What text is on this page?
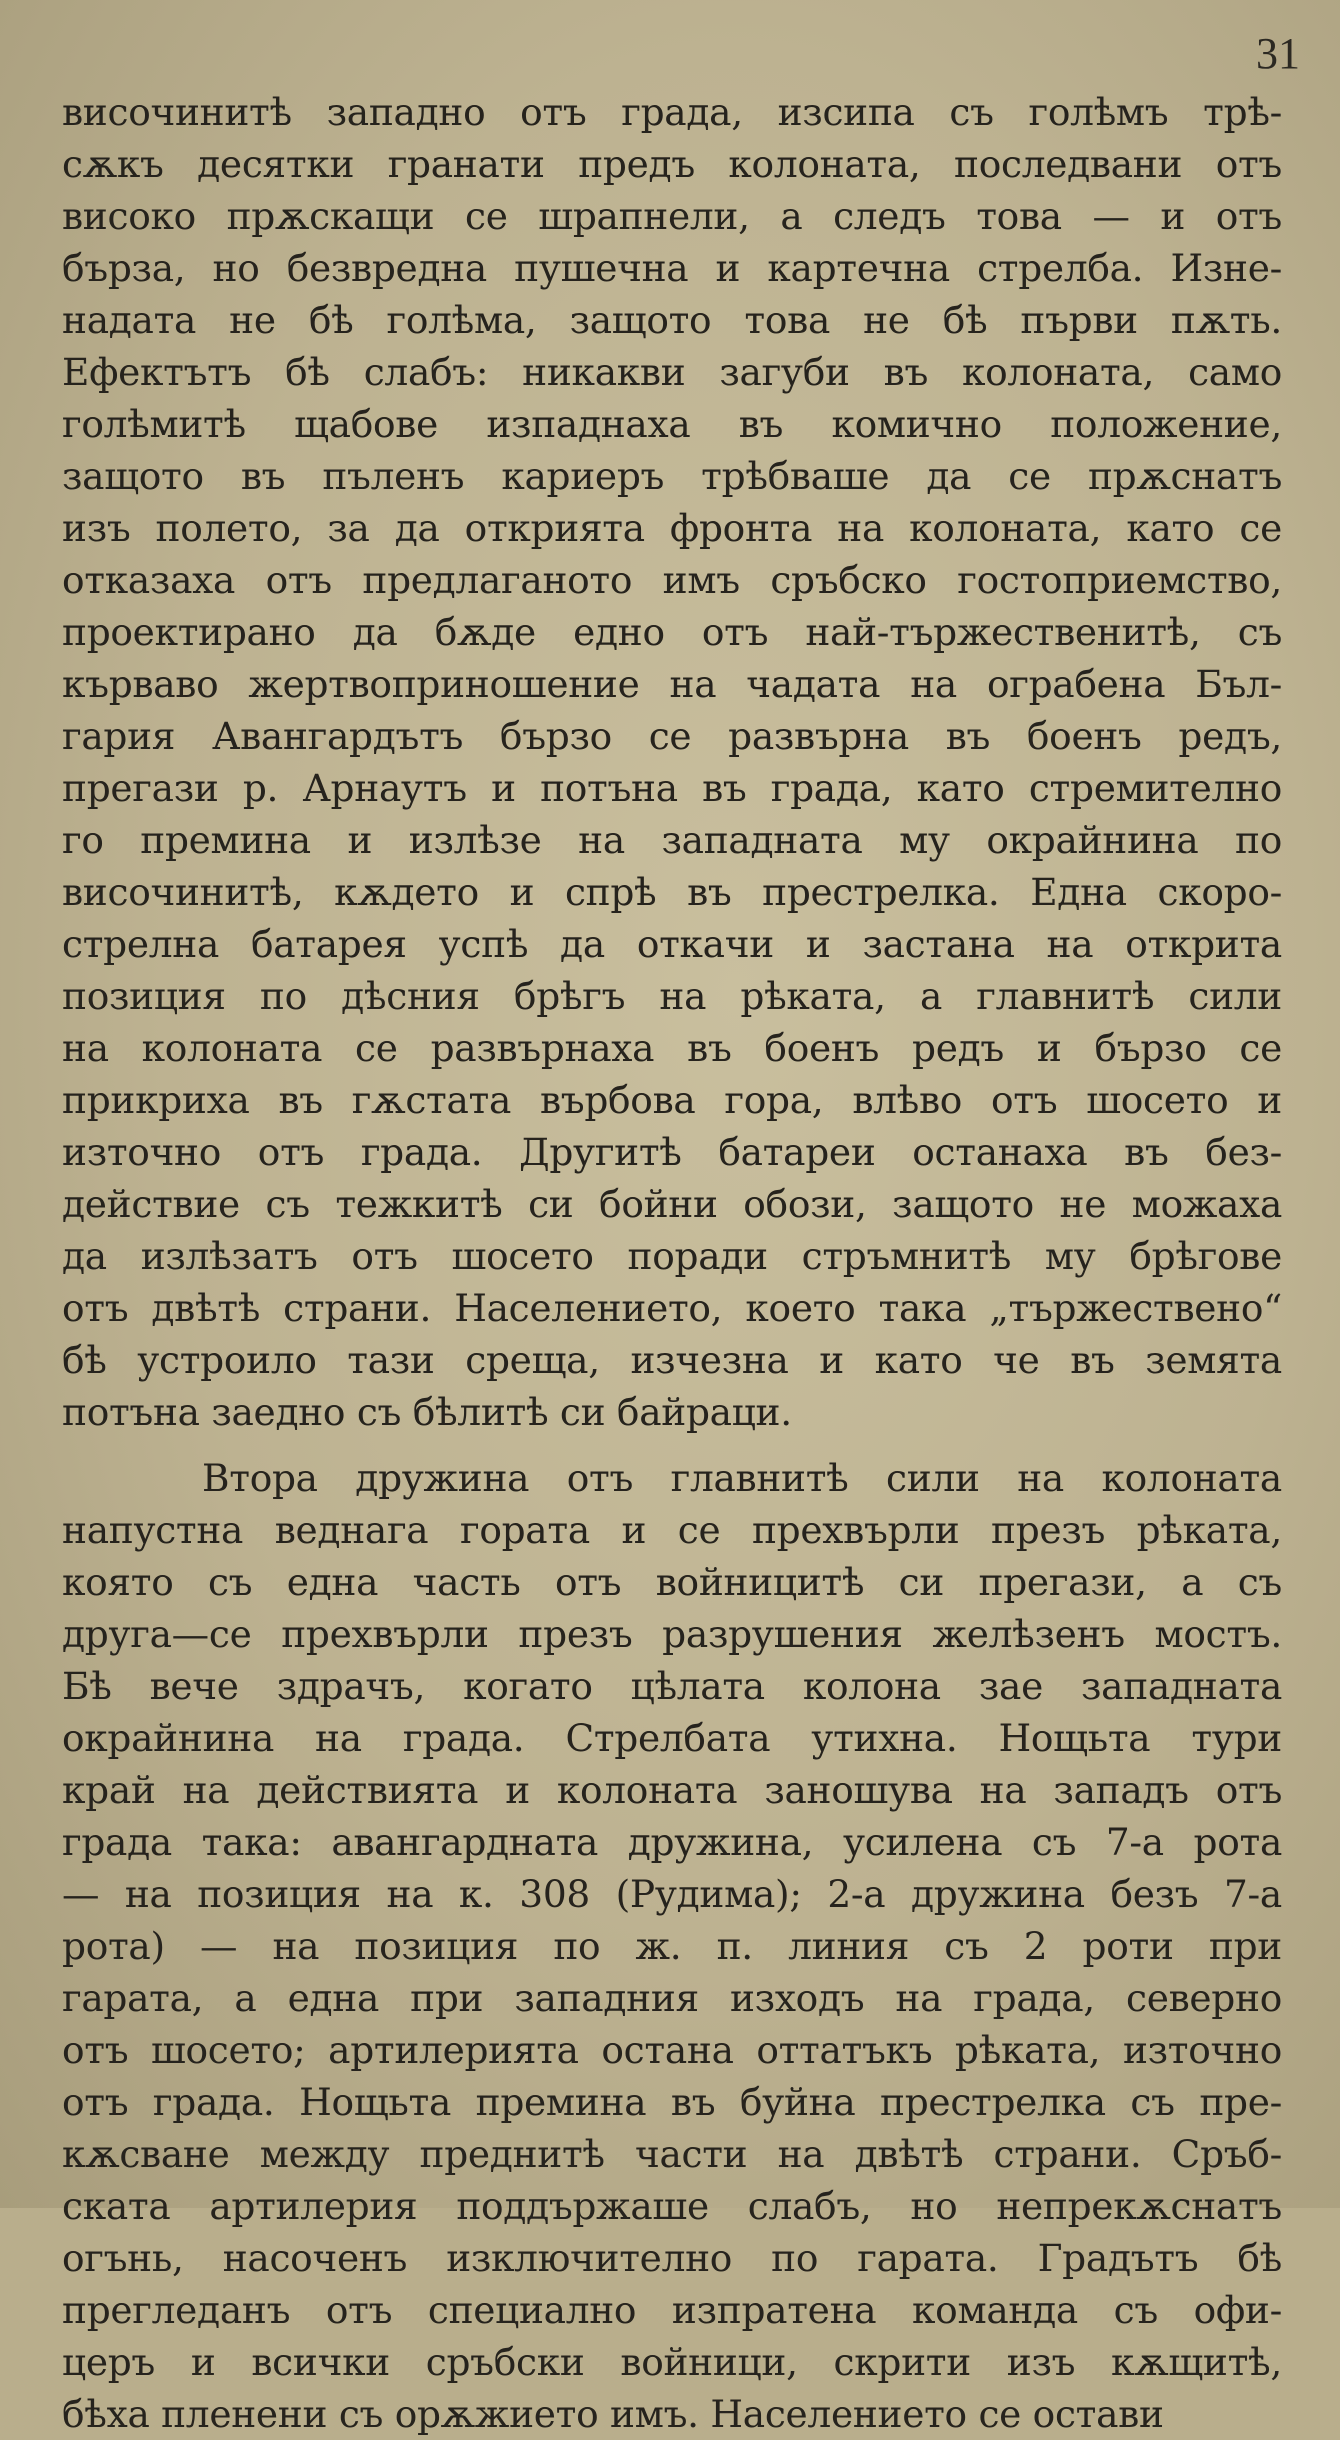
31
височинитѣ западно отъ града, изсипа съ голѣмъ трѣ-
сѫкъ десятки гранати предъ колоната, последвани отъ
високо прѫскащи се шрапнели, а следъ това — и отъ
бърза, но безвредна пушечна и картечна стрелба. Изне-
надата не бѣ голѣма, защото това не бѣ първи пѫть.
Ефектътъ бѣ слабъ: никакви загуби въ колоната, само
голѣмитѣ щабове изпаднаха въ комично положение,
защото въ пъленъ кариеръ трѣбваше да се прѫснатъ
изъ полето, за да открията фронта на колоната, като се
отказаха отъ предлаганото имъ сръбско гостоприемство,
проектирано да бѫде едно отъ най-тържественитѣ, съ
кърваво жертвоприношение на чадата на ограбена Бъл-
гария Авангардътъ бързо се развърна въ боенъ редъ,
прегази р. Арнаутъ и потъна въ града, като стремително
го премина и излѣзе на западната му окрайнина по
височинитѣ, кѫдето и спрѣ въ престрелка. Една скоро-
стрелна батарея успѣ да откачи и застана на открита
позиция по дѣсния брѣгъ на рѣката, а главнитѣ сили
на колоната се развърнаха въ боенъ редъ и бързо се
прикриха въ гѫстата върбова гора, влѣво отъ шосето и
източно отъ града. Другитѣ батареи останаха въ без-
действие съ тежкитѣ си бойни обози, защото не можаха
да излѣзатъ отъ шосето поради стръмнитѣ му брѣгове
отъ двѣтѣ страни. Населението, което така „тържествено“
бѣ устроило тази среща, изчезна и като че въ земята
потъна заедно съ бѣлитѣ си байраци.
Втора дружина отъ главнитѣ сили на колоната
напустна веднага гората и се прехвърли презъ рѣката,
която съ една часть отъ войницитѣ си прегази, а съ
друга—се прехвърли презъ разрушения желѣзенъ мостъ.
Бѣ вече здрачъ, когато цѣлата колона зае западната
окрайнина на града. Стрелбата утихна. Нощьта тури
край на действията и колоната заношува на западъ отъ
града така: авангардната дружина, усилена съ 7-а рота
— на позиция на к. 308 (Рудима); 2-а дружина безъ 7-а
рота) — на позиция по ж. п. линия съ 2 роти при
гарата, а една при западния изходъ на града, северно
отъ шосето; артилерията остана оттатъкъ рѣката, източно
отъ града. Нощьта премина въ буйна престрелка съ пре-
кѫсване между преднитѣ части на двѣтѣ страни. Сръб-
ската артилерия поддържаше слабъ, но непрекѫснатъ
огънь, насоченъ изключително по гарата. Градътъ бѣ
прегледанъ отъ специално изпратена команда съ офи-
церъ и всички сръбски войници, скрити изъ кѫщитѣ,
бѣха пленени съ орѫжието имъ. Населението се остави
